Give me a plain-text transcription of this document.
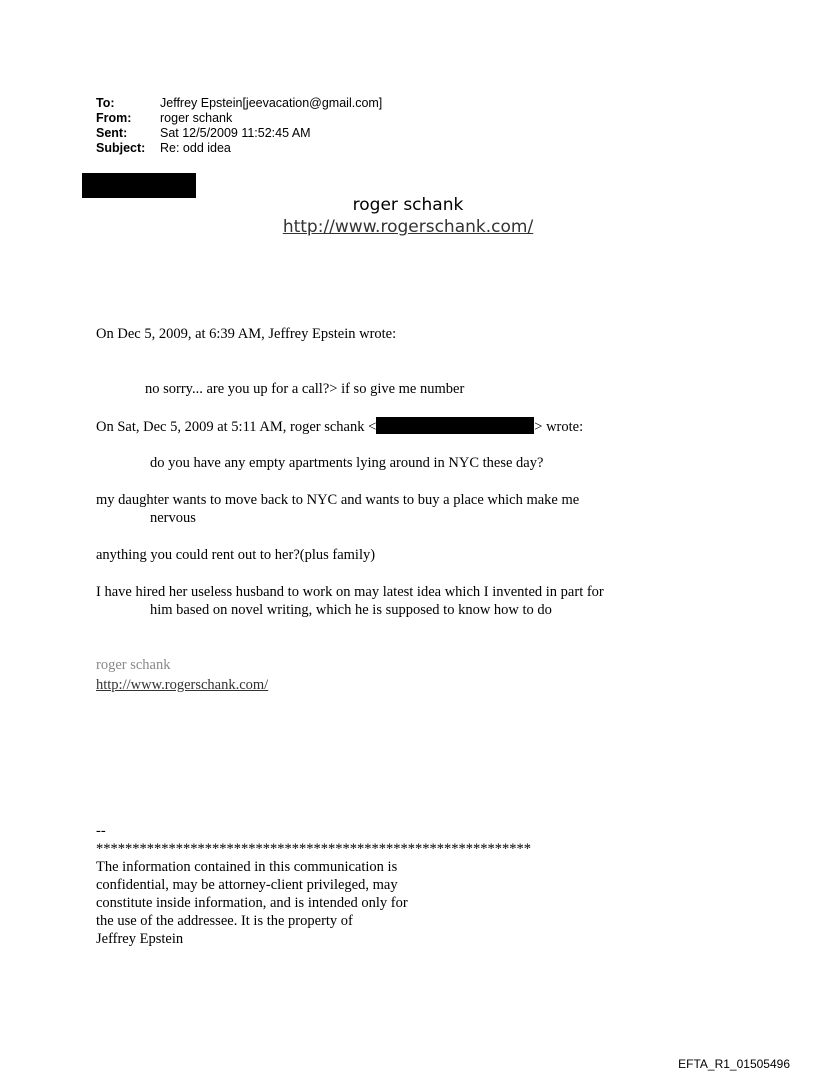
To:	Jeffrey Epstein[jeevacation@gmail.com]
From:	roger schank
Sent:	Sat 12/5/2009 11:52:45 AM
Subject:	Re: odd idea
roger schank
http://www.rogerschank.com/
On Dec 5, 2009, at 6:39 AM, Jeffrey Epstein wrote:
no sorry... are you up for a call?> if so give me number
On Sat, Dec 5, 2009 at 5:11 AM, roger schank <	> wrote:
do you have any empty apartments lying around in NYC these day?
my daughter wants to move back to NYC and wants to buy a place which make me
nervous
anything you could rent out to her?(plus family)
I have hired her useless husband to work on may latest idea which I invented in part for
him based on novel writing, which he is supposed to know how to do
roger schank
http://www.rogerschank.com/
--
************************************************************
The information contained in this communication is
confidential, may be attorney-client privileged, may
constitute inside information, and is intended only for
the use of the addressee. It is the property of
Jeffrey Epstein
EFTA_R1_01505496
